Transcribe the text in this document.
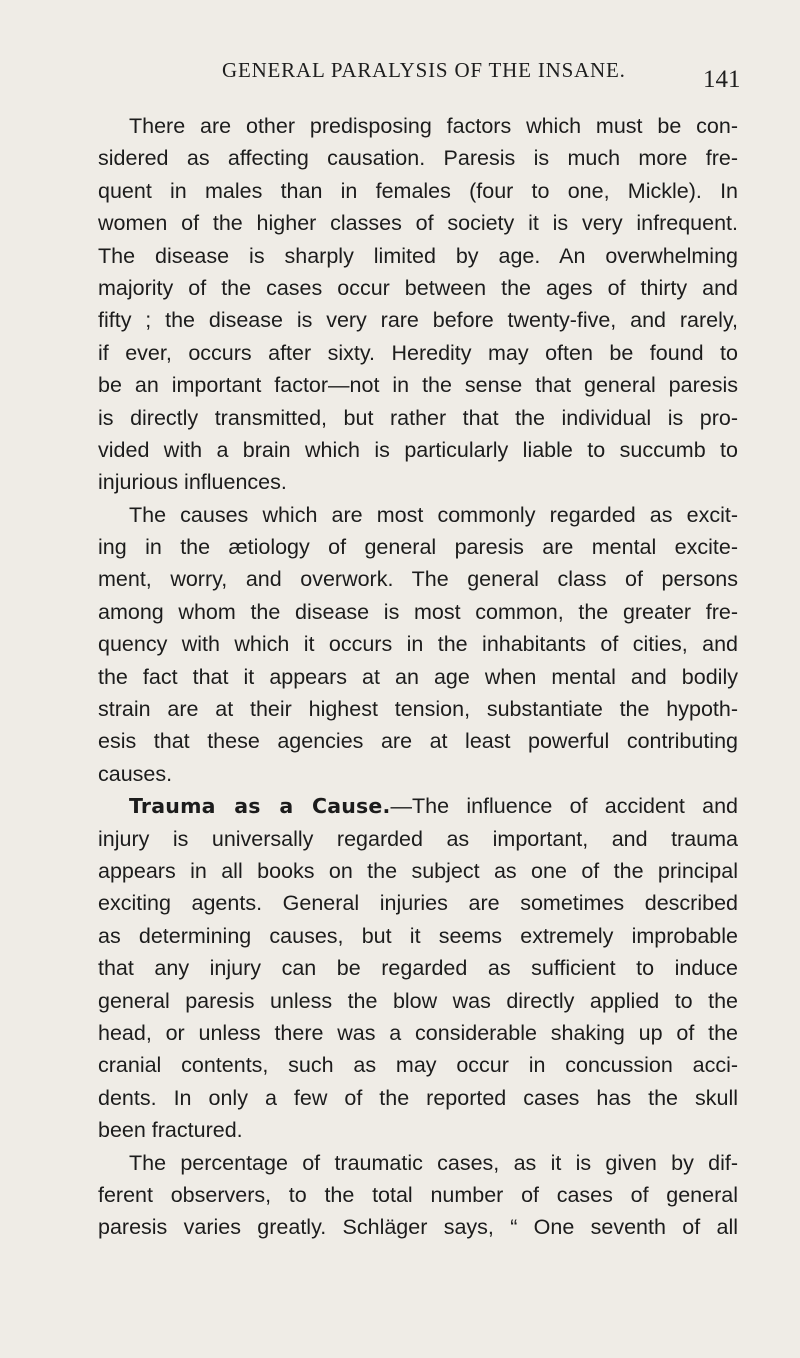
GENERAL PARALYSIS OF THE INSANE.	141
There are other predisposing factors which must be con-
sidered as affecting causation. Paresis is much more fre-
quent in males than in females (four to one, Mickle). In
women of the higher classes of society it is very infrequent.
The disease is sharply limited by age. An overwhelming
majority of the cases occur between the ages of thirty and
fifty ; the disease is very rare before twenty-five, and rarely,
if ever, occurs after sixty. Heredity may often be found to
be an important factor—not in the sense that general paresis
is directly transmitted, but rather that the individual is pro-
vided with a brain which is particularly liable to succumb to
injurious influences.
The causes which are most commonly regarded as excit-
ing in the ætiology of general paresis are mental excite-
ment, worry, and overwork. The general class of persons
among whom the disease is most common, the greater fre-
quency with which it occurs in the inhabitants of cities, and
the fact that it appears at an age when mental and bodily
strain are at their highest tension, substantiate the hypoth-
esis that these agencies are at least powerful contributing
causes.
Trauma as a Cause.—The influence of accident and
injury is universally regarded as important, and trauma
appears in all books on the subject as one of the principal
exciting agents. General injuries are sometimes described
as determining causes, but it seems extremely improbable
that any injury can be regarded as sufficient to induce
general paresis unless the blow was directly applied to the
head, or unless there was a considerable shaking up of the
cranial contents, such as may occur in concussion acci-
dents. In only a few of the reported cases has the skull
been fractured.
The percentage of traumatic cases, as it is given by dif-
ferent observers, to the total number of cases of general
paresis varies greatly. Schläger says, “ One seventh of all
